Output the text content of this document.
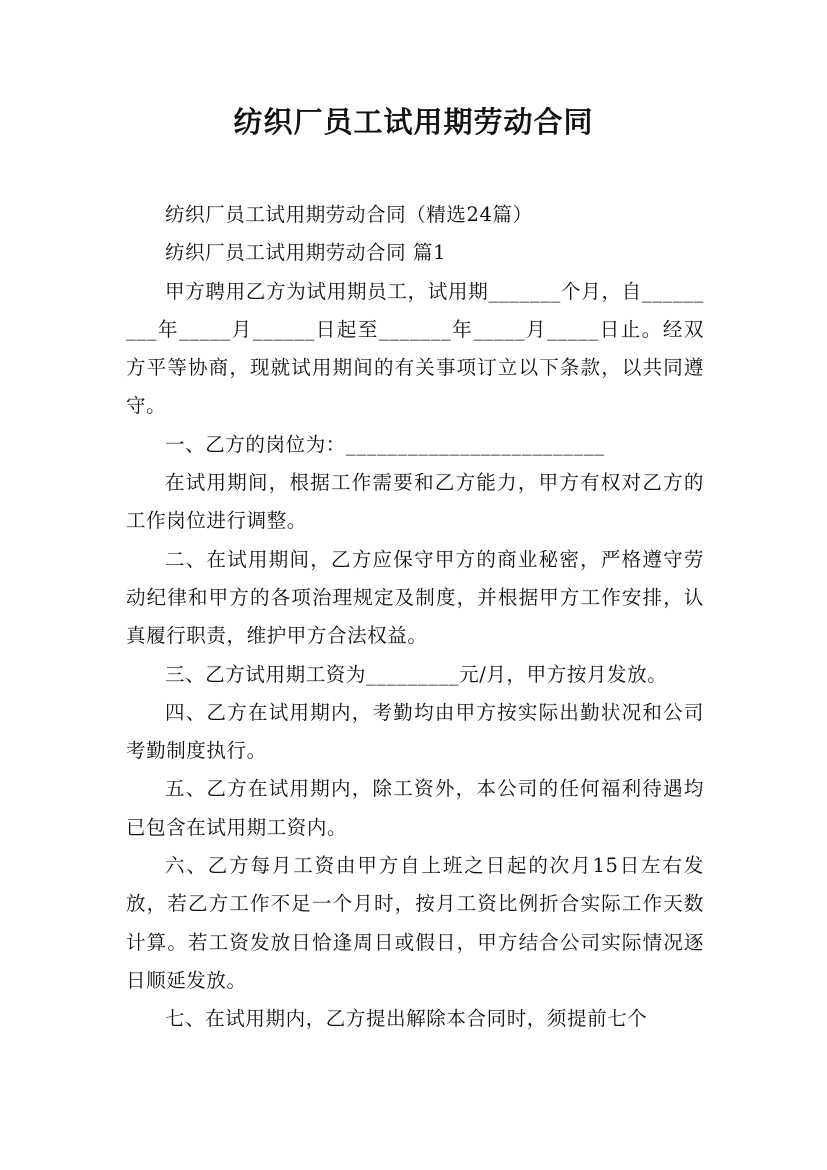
纺织厂员工试用期劳动合同

纺织厂员工试用期劳动合同（精选24篇）

纺织厂员工试用期劳动合同 篇1

甲方聘用乙方为试用期员工，试用期_______个月，自_________年_____月______日起至_______年_____月_____日止。经双方平等协商，现就试用期间的有关事项订立以下条款，以共同遵守。

一、乙方的岗位为：_________________________

在试用期间，根据工作需要和乙方能力，甲方有权对乙方的工作岗位进行调整。

二、在试用期间，乙方应保守甲方的商业秘密，严格遵守劳动纪律和甲方的各项治理规定及制度，并根据甲方工作安排，认真履行职责，维护甲方合法权益。

三、乙方试用期工资为_________元/月，甲方按月发放。

四、乙方在试用期内，考勤均由甲方按实际出勤状况和公司考勤制度执行。

五、乙方在试用期内，除工资外，本公司的任何福利待遇均已包含在试用期工资内。

六、乙方每月工资由甲方自上班之日起的次月15日左右发放，若乙方工作不足一个月时，按月工资比例折合实际工作天数计算。若工资发放日恰逢周日或假日，甲方结合公司实际情况逐日顺延发放。

七、在试用期内，乙方提出解除本合同时，须提前七个
